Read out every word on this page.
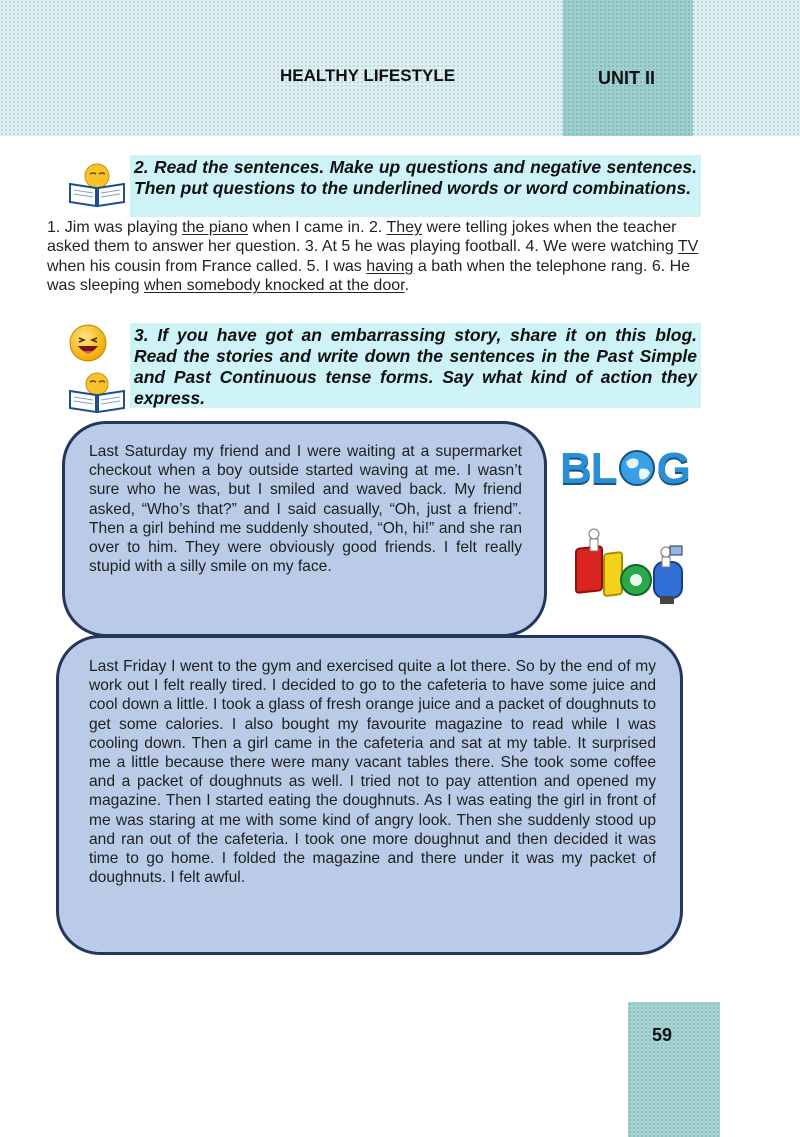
HEALTHY LIFESTYLE	UNIT II
2. Read the sentences. Make up questions and negative sentences. Then put questions to the underlined words or word combinations.
1. Jim was playing the piano when I came in. 2. They were telling jokes when the teacher asked them to answer her question. 3. At 5 he was playing football. 4. We were watching TV when his cousin from France called. 5. I was having a bath when the telephone rang. 6. He was sleeping when somebody knocked at the door.
3. If you have got an embarrassing story, share it on this blog. Read the stories and write down the sentences in the Past Simple and Past Continuous tense forms. Say what kind of action they express.
Last Saturday my friend and I were waiting at a supermarket checkout when a boy outside started waving at me. I wasn’t sure who he was, but I smiled and waved back. My friend asked, “Who’s that?” and I said casually, “Oh, just a friend”. Then a girl behind me suddenly shouted, “Oh, hi!” and she ran over to him. They were obviously good friends. I felt really stupid with a silly smile on my face.
BL G
Last Friday I went to the gym and exercised quite a lot there. So by the end of my work out I felt really tired. I decided to go to the cafeteria to have some juice and cool down a little. I took a glass of fresh orange juice and a packet of doughnuts to get some calories. I also bought my favourite magazine to read while I was cooling down. Then a girl came in the cafeteria and sat at my table. It surprised me a little because there were many vacant tables there. She took some coffee and a packet of doughnuts as well. I tried not to pay attention and opened my magazine. Then I started eating the doughnuts. As I was eating the girl in front of me was staring at me with some kind of angry look. Then she suddenly stood up and ran out of the cafeteria. I took one more doughnut and then decided it was time to go home. I folded the magazine and there under it was my packet of doughnuts. I felt awful.
59
